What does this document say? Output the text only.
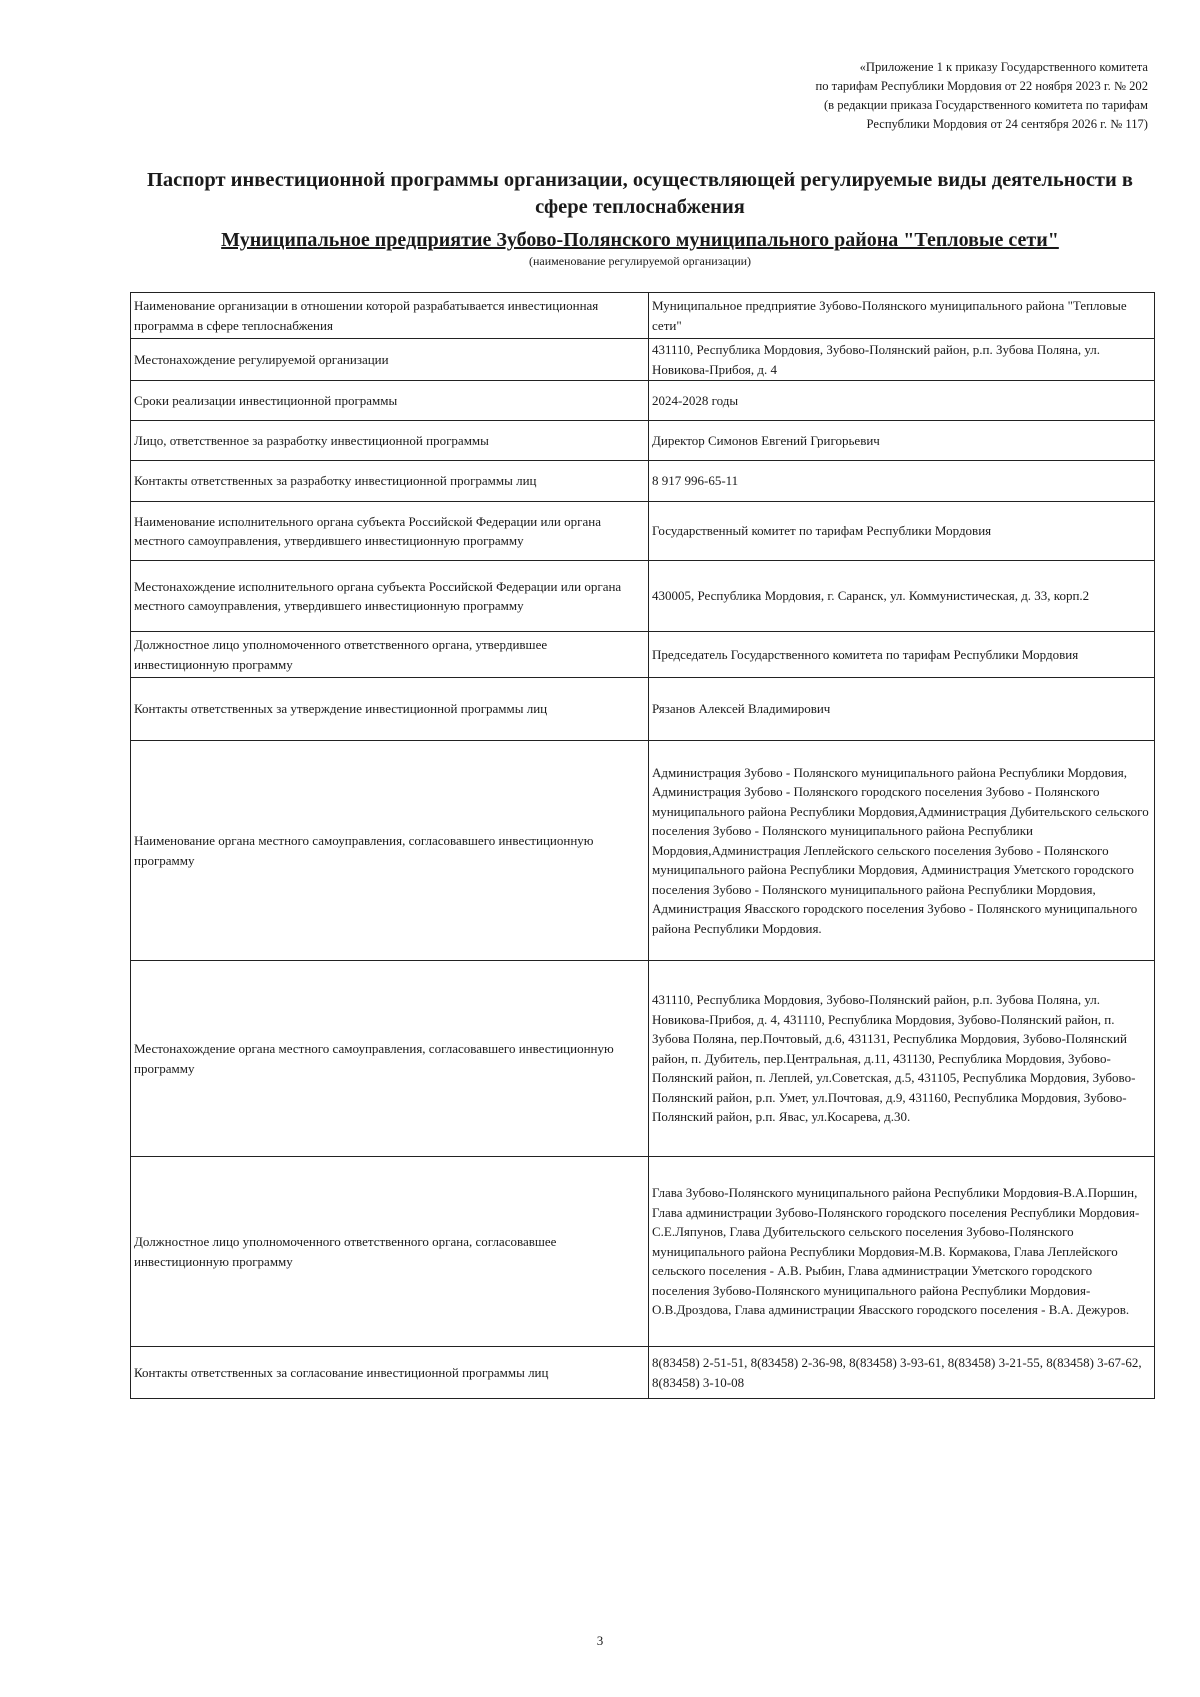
«Приложение 1 к приказу Государственного комитета
по тарифам Республики Мордовия от 22 ноября 2023 г. № 202
(в редакции приказа Государственного комитета по тарифам
Республики Мордовия от 24 сентября 2026 г. № 117)
Паспорт инвестиционной программы организации, осуществляющей регулируемые виды деятельности в сфере теплоснабжения
Муниципальное предприятие Зубово-Полянского муниципального района "Тепловые сети"
(наименование регулируемой организации)
Наименование организации в отношении которой разрабатывается инвестиционная программа в сфере теплоснабжения	Муниципальное предприятие Зубово-Полянского муниципального района "Тепловые сети"
Местонахождение регулируемой организации	431110, Республика Мордовия, Зубово-Полянский район, р.п. Зубова Поляна, ул. Новикова-Прибоя, д. 4
Сроки реализации инвестиционной программы	2024-2028 годы
Лицо, ответственное за разработку инвестиционной программы	Директор Симонов Евгений Григорьевич
Контакты ответственных за разработку инвестиционной программы лиц	8 917 996-65-11
Наименование исполнительного органа субъекта Российской Федерации или органа местного самоуправления, утвердившего инвестиционную программу	Государственный комитет по тарифам Республики Мордовия
Местонахождение исполнительного органа субъекта Российской Федерации или органа местного самоуправления, утвердившего инвестиционную программу	430005, Республика Мордовия, г. Саранск, ул. Коммунистическая, д. 33, корп.2
Должностное лицо уполномоченного ответственного органа, утвердившее инвестиционную программу	Председатель Государственного комитета по тарифам Республики Мордовия
Контакты ответственных за утверждение инвестиционной программы лиц	Рязанов Алексей Владимирович
Наименование органа местного самоуправления, согласовавшего инвестиционную программу	Администрация Зубово - Полянского муниципального района Республики Мордовия, Администрация Зубово - Полянского городского поселения Зубово - Полянского муниципального района Республики Мордовия,Администрация Дубительского сельского поселения Зубово - Полянского муниципального района Республики Мордовия,Администрация Леплейского сельского поселения Зубово - Полянского муниципального района Республики Мордовия, Администрация Уметского городского поселения Зубово - Полянского муниципального района Республики Мордовия, Администрация Явасского городского поселения Зубово - Полянского муниципального района Республики Мордовия.
Местонахождение органа местного самоуправления, согласовавшего инвестиционную программу	431110, Республика Мордовия, Зубово-Полянский район, р.п. Зубова Поляна, ул. Новикова-Прибоя, д. 4, 431110, Республика Мордовия, Зубово-Полянский район, п. Зубова Поляна, пер.Почтовый, д.6, 431131, Республика Мордовия, Зубово-Полянский район, п. Дубитель, пер.Центральная, д.11, 431130, Республика Мордовия, Зубово-Полянский район, п. Леплей, ул.Советская, д.5, 431105, Республика Мордовия, Зубово-Полянский район, р.п. Умет, ул.Почтовая, д.9, 431160, Республика Мордовия, Зубово-Полянский район, р.п. Явас, ул.Косарева, д.30.
Должностное лицо уполномоченного ответственного органа, согласовавшее инвестиционную программу	Глава Зубово-Полянского муниципального района Республики Мордовия-В.А.Поршин, Глава администрации Зубово-Полянского городского поселения Республики Мордовия-С.Е.Ляпунов, Глава Дубительского сельского поселения Зубово-Полянского муниципального района Республики Мордовия-М.В. Кормакова, Глава Леплейского сельского поселения - А.В. Рыбин, Глава администрации Уметского городского поселения Зубово-Полянского муниципального района Республики Мордовия-О.В.Дроздова, Глава администрации Явасского городского поселения - В.А. Дежуров.
Контакты ответственных за согласование инвестиционной программы лиц	8(83458) 2-51-51, 8(83458) 2-36-98, 8(83458) 3-93-61, 8(83458) 3-21-55, 8(83458) 3-67-62, 8(83458) 3-10-08
3
